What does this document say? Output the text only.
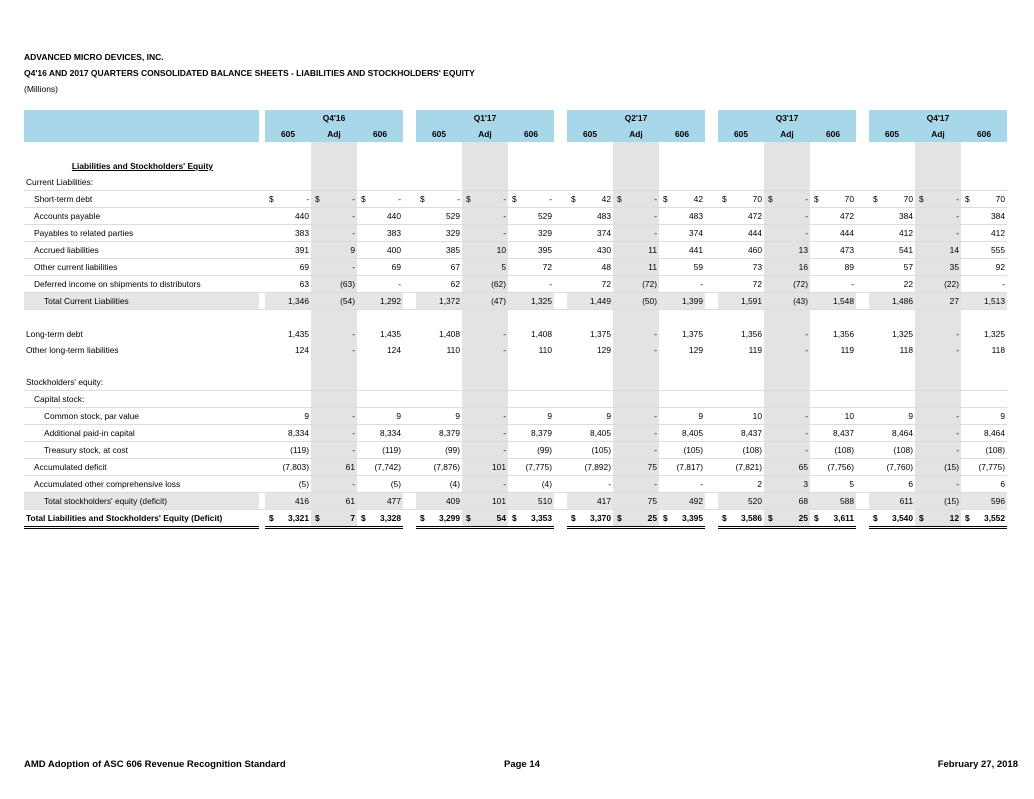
ADVANCED MICRO DEVICES, INC.
Q4'16 AND 2017 QUARTERS CONSOLIDATED BALANCE SHEETS - LIABILITIES AND STOCKHOLDERS' EQUITY
(Millions)
		Q4'16				Q1'17				Q2'17				Q3'17				Q4'17		
		605	Adj	606		605	Adj	606		605	Adj	606		605	Adj	606		605	Adj	606

Liabilities and Stockholders' Equity																				
Current Liabilities:																				
Short-term debt		$ -	$ -	$ -		$ -	$ -	$ -		$ 42	$ -	$ 42		$ 70	$ -	$ 70		$ 70	$ -	$ 70

Accounts payable		440	-	440		529	-	529		483	-	483		472	-	472		384	-	384

Payables to related parties		383	-	383		329	-	329		374	-	374		444	-	444		412	-	412

Accrued liabilities		391	9	400		385	10	395		430	11	441		460	13	473		541	14	555

Other current liabilities		69	-	69		67	5	72		48	11	59		73	16	89		57	35	92

Deferred income on shipments to distributors		63	(63)	-		62	(62)	-		72	(72)	-		72	(72)	-		22	(22)	-

Total Current Liabilities		1,346	(54)	1,292		1,372	(47)	1,325		1,449	(50)	1,399		1,591	(43)	1,548		1,486	27	1,513

Long-term debt		1,435	-	1,435		1,408	-	1,408		1,375	-	1,375		1,356	-	1,356		1,325	-	1,325

Other long-term liabilities		124	-	124		110	-	110		129	-	129		119	-	119		118	-	118

Stockholders' equity:																				
Capital stock:																				
Common stock, par value		9	-	9		9	-	9		9	-	9		10	-	10		9	-	9

Additional paid-in capital		8,334	-	8,334		8,379	-	8,379		8,405	-	8,405		8,437	-	8,437		8,464	-	8,464

Treasury stock, at cost		(119)	-	(119)		(99)	-	(99)		(105)	-	(105)		(108)	-	(108)		(108)	-	(108)

Accumulated deficit		(7,803)	61	(7,742)		(7,876)	101	(7,775)		(7,892)	75	(7,817)		(7,821)	65	(7,756)		(7,760)	(15)	(7,775)

Accumulated other comprehensive loss		(5)	-	(5)		(4)	-	(4)		-	-	-		2	3	5		6	-	6

Total stockholders' equity (deficit)		416	61	477		409	101	510		417	75	492		520	68	588		611	(15)	596

Total Liabilities and Stockholders' Equity (Deficit)		$ 3,321	$ 7	$ 3,328		$ 3,299	$ 54	$ 3,353		$ 3,370	$ 25	$ 3,395		$ 3,586	$ 25	$ 3,611		$ 3,540	$ 12	$ 3,552
AMD Adoption of ASC 606 Revenue Recognition Standard	Page 14	February 27, 2018
